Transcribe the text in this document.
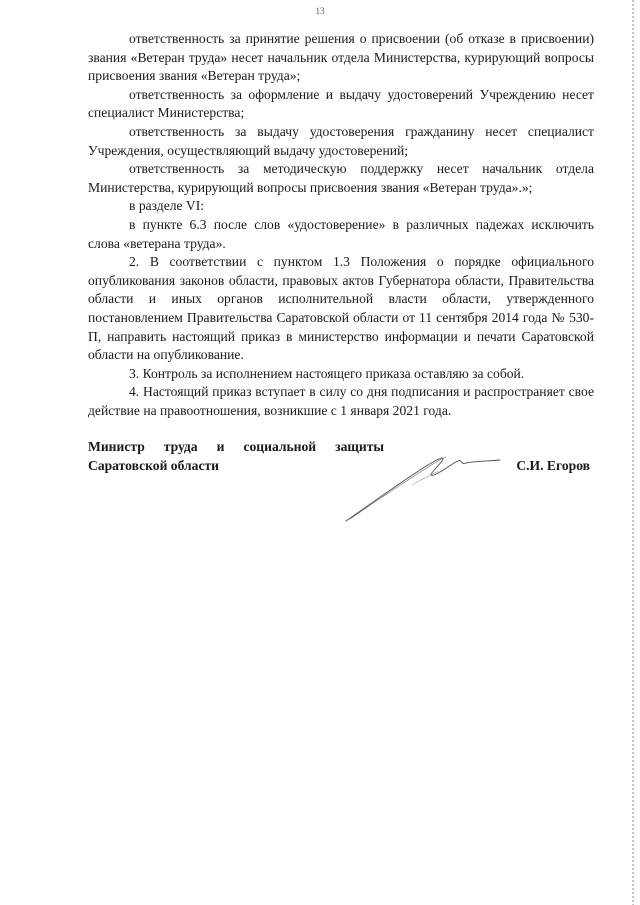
13

ответственность за принятие решения о присвоении (об отказе в присвоении) звания «Ветеран труда» несет начальник отдела Министерства, курирующий вопросы присвоения звания «Ветеран труда»;

ответственность за оформление и выдачу удостоверений Учреждению несет специалист Министерства;

ответственность за выдачу удостоверения гражданину несет специалист Учреждения, осуществляющий выдачу удостоверений;

ответственность за методическую поддержку несет начальник отдела Министерства, курирующий вопросы присвоения звания «Ветеран труда».»;

в разделе VI:

в пункте 6.3 после слов «удостоверение» в различных падежах исключить слова «ветерана труда».

2. В соответствии с пунктом 1.3 Положения о порядке официального опубликования законов области, правовых актов Губернатора области, Правительства области и иных органов исполнительной власти области, утвержденного постановлением Правительства Саратовской области от 11 сентября 2014 года № 530-П, направить настоящий приказ в министерство информации и печати Саратовской области на опубликование.

3. Контроль за исполнением настоящего приказа оставляю за собой.

4. Настоящий приказ вступает в силу со дня подписания и распространяет свое действие на правоотношения, возникшие с 1 января 2021 года.

Министр труда и социальной защиты
Саратовской области	С.И. Егоров
